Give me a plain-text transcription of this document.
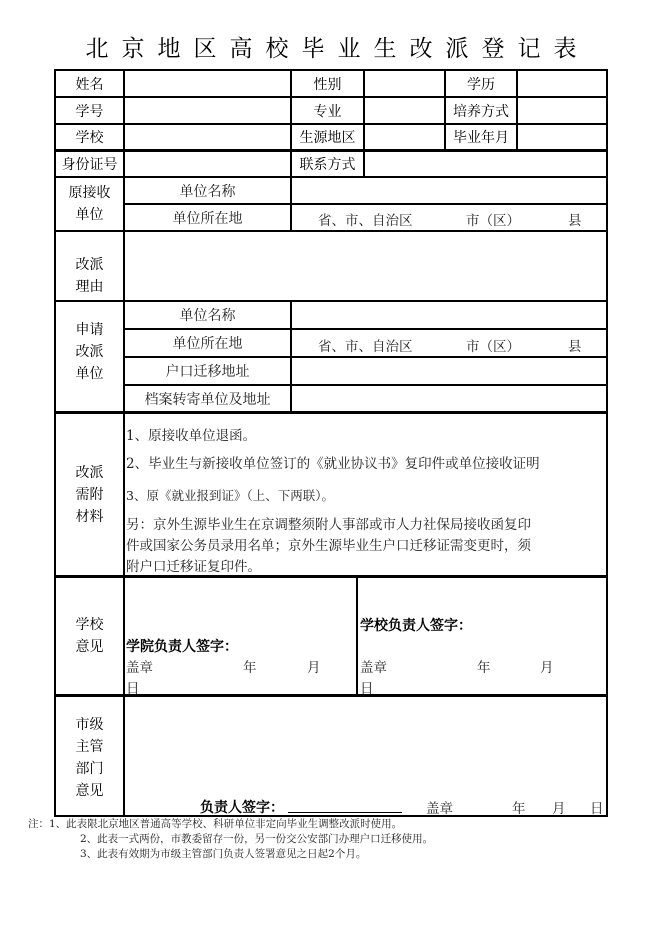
北京地区高校毕业生改派登记表
姓名	性别	学历
学号	专业	培养方式
学校	生源地区	毕业年月
身份证号	联系方式
原接收
单位
单位名称
单位所在地	省、市、自治区	市（区）	县
改派
理由
申请
改派
单位
单位名称
单位所在地	省、市、自治区	市（区）	县
户口迁移地址
档案转寄单位及地址
改派
需附
材料
1、原接收单位退函。
2、毕业生与新接收单位签订的《就业协议书》复印件或单位接收证明
3、原《就业报到证》（上、下两联）。
另：京外生源毕业生在京调整须附人事部或市人力社保局接收函复印
件或国家公务员录用名单；京外生源毕业生户口迁移证需变更时，须
附户口迁移证复印件。
学校
意见 学院负责人签字：
盖章	年	月
日
学校负责人签字：
盖章	年	月
日
市级
主管
部门
意见
负责人签字：	盖章	年 月 日
注：1、此表限北京地区普通高等学校、科研单位非定向毕业生调整改派时使用。
2、此表一式两份，市教委留存一份，另一份交公安部门办理户口迁移使用。
3、此表有效期为市级主管部门负责人签署意见之日起2个月。
